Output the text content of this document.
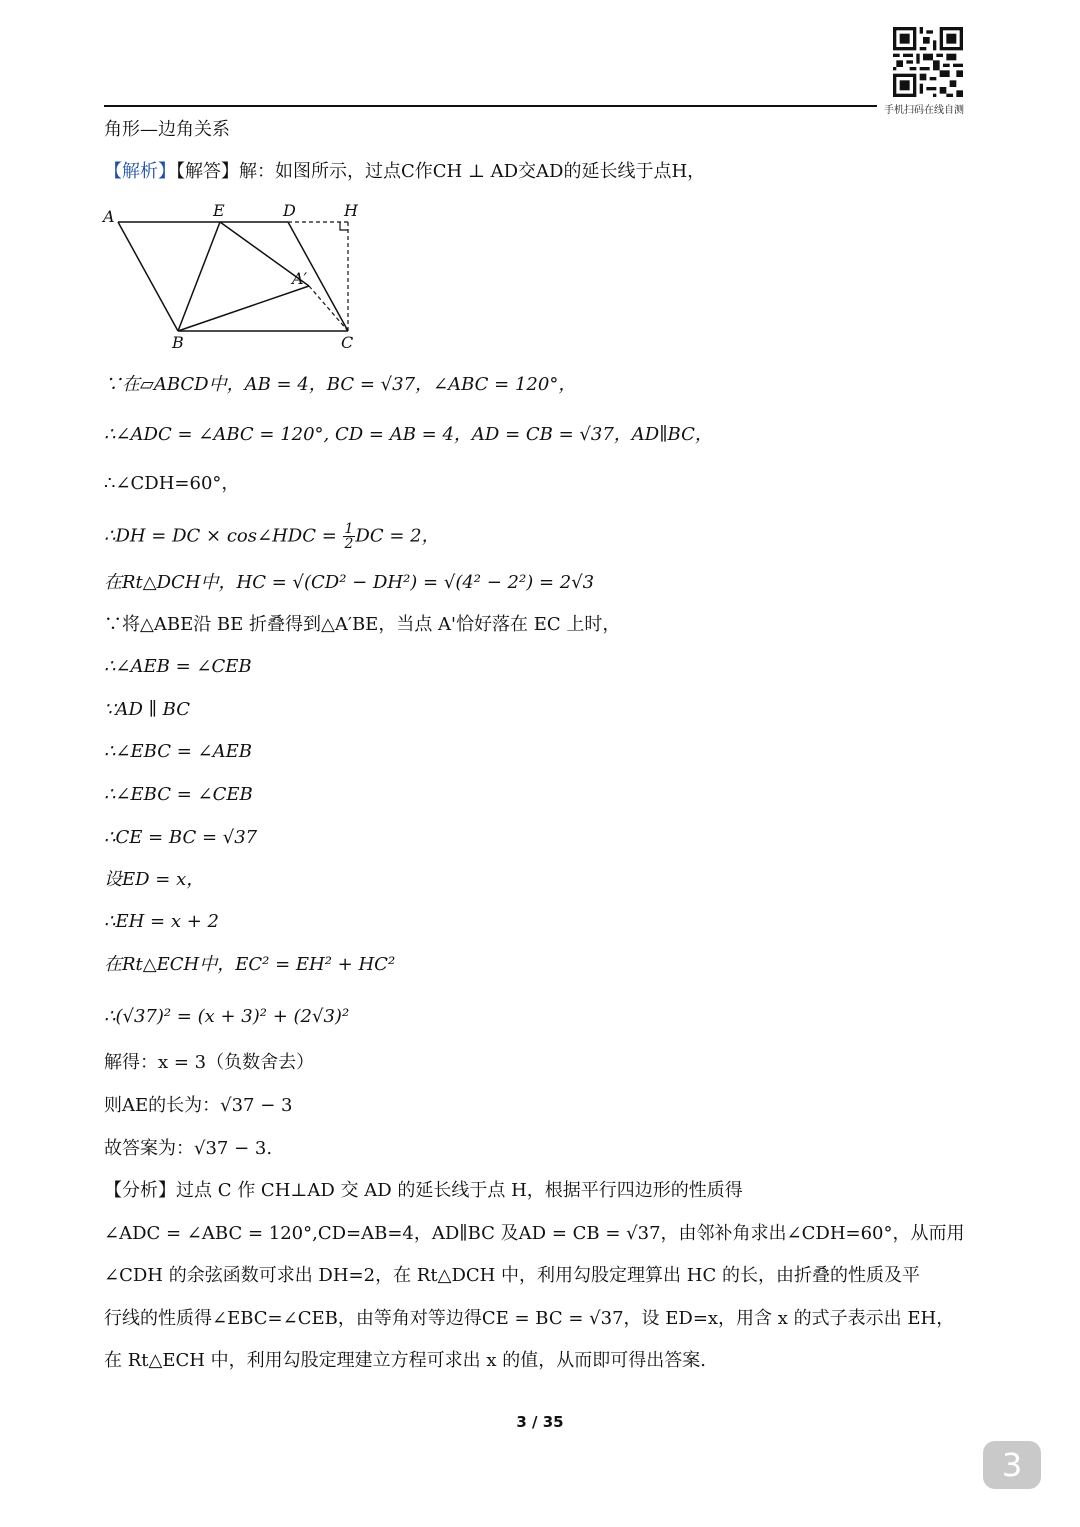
手机扫码在线自测
角形—边角关系
【解析】【解答】解：如图所示，过点C作CH ⊥ AD交AD的延长线于点H，
A	E	D	H
A′
B	C
∵在▱ABCD中，AB = 4，BC = √37，∠ABC = 120°，
∴∠ADC = ∠ABC = 120°, CD = AB = 4，AD = CB = √37，AD∥BC，
∴∠CDH=60°，
∴DH = DC × cos∠HDC = $\frac{1}{2}$ DC = 2，
在Rt△DCH中，HC = √(CD² − DH²) = √(4² − 2²) = 2√3
∵将△ABE沿 BE 折叠得到△A′BE，当点 A'恰好落在 EC 上时，
∴∠AEB = ∠CEB
∵AD ∥ BC
∴∠EBC = ∠AEB
∴∠EBC = ∠CEB
∴CE = BC = √37
设ED = x，
∴EH = x + 2
在Rt△ECH中，EC² = EH² + HC²
∴(√37)² = (x + 3)² + (2√3)²
解得：x = 3（负数舍去）
则AE的长为：√37 − 3
故答案为：√37 − 3.
【分析】过点 C 作 CH⊥AD 交 AD 的延长线于点 H，根据平行四边形的性质得
∠ADC = ∠ABC = 120°,CD=AB=4，AD∥BC 及AD = CB = √37，由邻补角求出∠CDH=60°，从而用
∠CDH 的余弦函数可求出 DH=2，在 Rt△DCH 中，利用勾股定理算出 HC 的长，由折叠的性质及平
行线的性质得∠EBC=∠CEB，由等角对等边得CE = BC = √37，设 ED=x，用含 x 的式子表示出 EH，
在 Rt△ECH 中，利用勾股定理建立方程可求出 x 的值，从而即可得出答案.
3 / 35
3
